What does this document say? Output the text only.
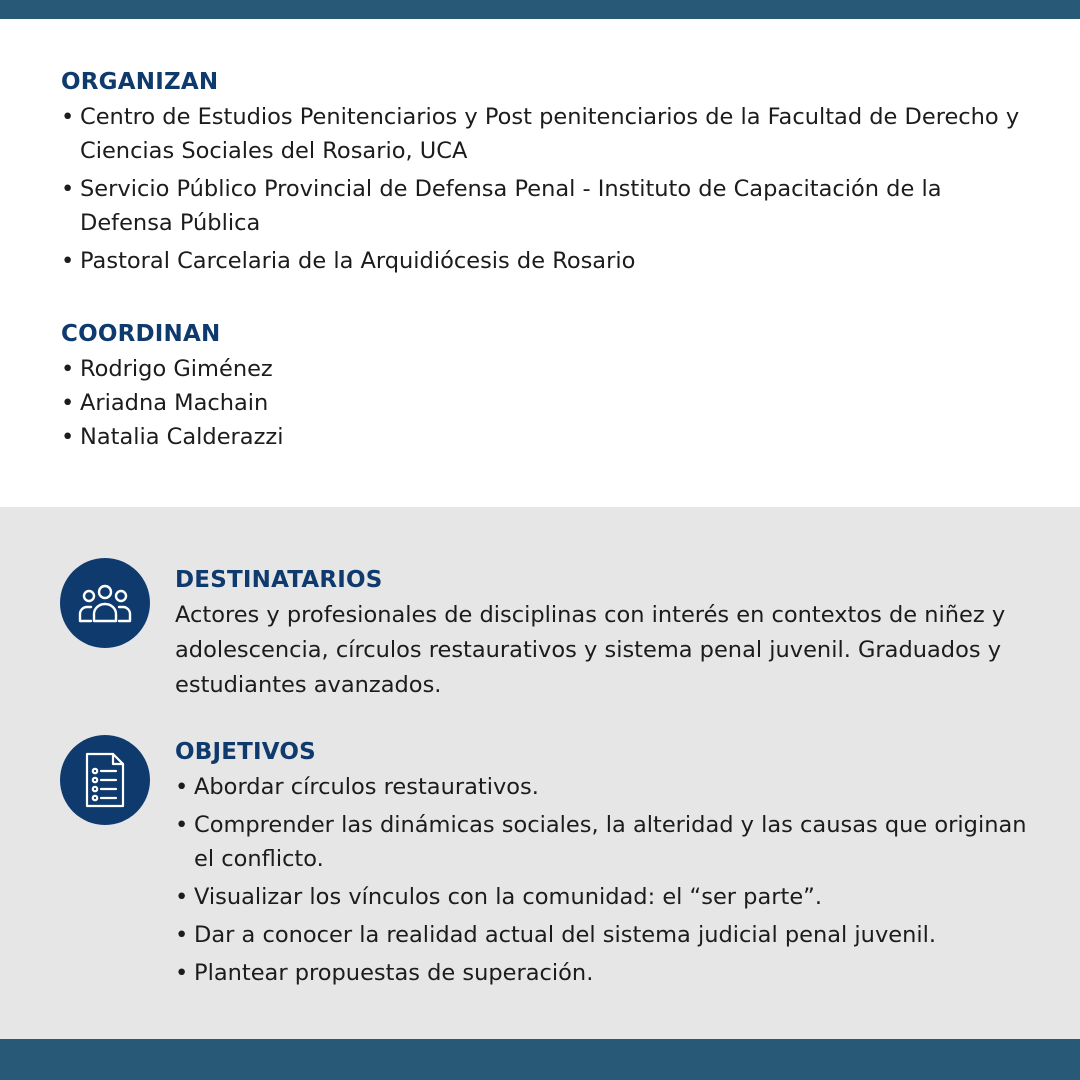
ORGANIZAN
• Centro de Estudios Penitenciarios y Post penitenciarios de la Facultad de Derecho y Ciencias Sociales del Rosario, UCA
• Servicio Público Provincial de Defensa Penal - Instituto de Capacitación de la Defensa Pública
• Pastoral Carcelaria de la Arquidiócesis de Rosario
COORDINAN
• Rodrigo Giménez
• Ariadna Machain
• Natalia Calderazzi
DESTINATARIOS

Actores y profesionales de disciplinas con interés en contextos de niñez y adolescencia, círculos restaurativos y sistema penal juvenil. Graduados y estudiantes avanzados.

OBJETIVOS
• Abordar círculos restaurativos.
• Comprender las dinámicas sociales, la alteridad y las causas que originan el conflicto.
• Visualizar los vínculos con la comunidad: el “ser parte”.
• Dar a conocer la realidad actual del sistema judicial penal juvenil.
• Plantear propuestas de superación.
